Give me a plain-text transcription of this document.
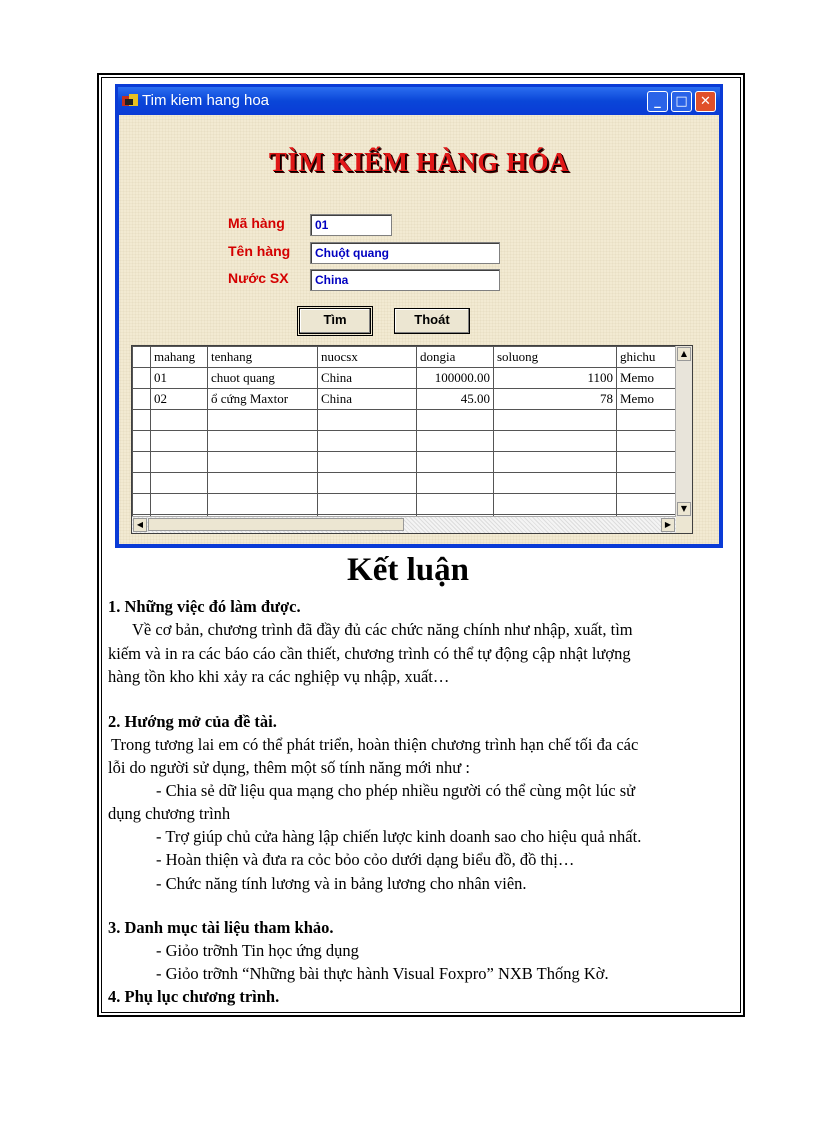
Tim kiem hang hoa	_	□ ✕
TÌM KIẾM HÀNG HÓA
Mã hàng	01
Tên hàng	Chuột quang
Nước SX	China
Tìm	Thoát
	mahang	tenhang	nuocsx	dongia	soluong	ghichu
	01	chuot quang	China	100000.00	1100	Memo
	02	ổ cứng Maxtor	China	45.00	78	Memo

▲
▼
◀	▶
Kết luận
1. Những việc đó làm được.
Về cơ bản, chương trình đã đầy đủ các chức năng chính như nhập, xuất, tìm
kiếm và in ra các báo cáo cần thiết, chương trình có thể tự động cập nhật lượng
hàng tồn kho khi xảy ra các nghiệp vụ nhập, xuất…
2. Hướng mở của đề tài.
Trong tương lai em có thể phát triển, hoàn thiện chương trình hạn chế tối đa các
lỗi do người sử dụng, thêm một số tính năng mới như :
- Chia sẻ dữ liệu qua mạng cho phép nhiều người có thể cùng một lúc sử
dụng chương trình
- Trợ giúp chủ cửa hàng lập chiến lược kinh doanh sao cho hiệu quả nhất.
- Hoàn thiện và đưa ra cỏc bỏo cỏo dưới dạng biểu đồ, đồ thị…
- Chức năng tính lương và in bảng lương cho nhân viên.
3. Danh mục tài liệu tham khảo.
- Giỏo trỡnh Tin học ứng dụng
- Giỏo trỡnh “Những bài thực hành Visual Foxpro” NXB Thống Kờ.
4. Phụ lục chương trình.
